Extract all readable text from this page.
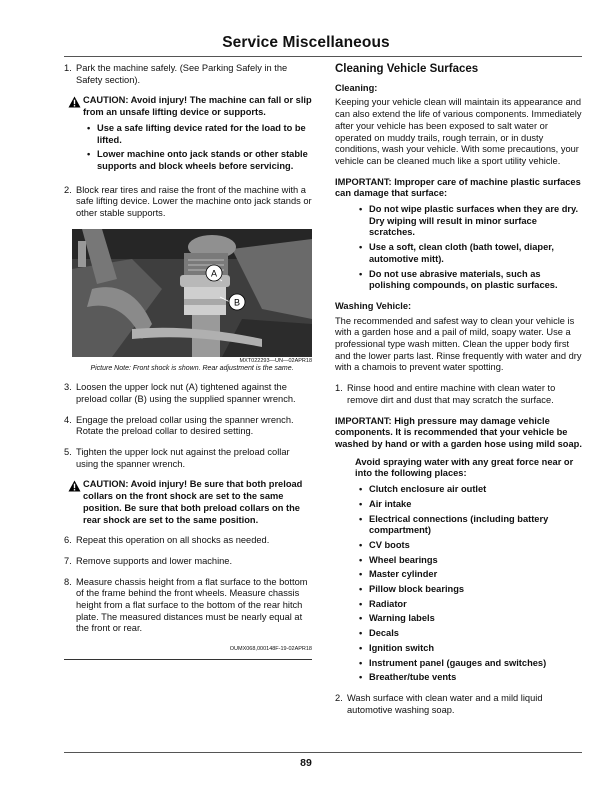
Service Miscellaneous
1. Park the machine safely. (See Parking Safely in the Safety section).
CAUTION: Avoid injury! The machine can fall or slip from an unsafe lifting device or supports.
• Use a safe lifting device rated for the load to be lifted.
• Lower machine onto jack stands or other stable supports and block wheels before servicing.
2. Block rear tires and raise the front of the machine with a safe lifting device. Lower the machine onto jack stands or other stable supports.
A
B
MXT022293—UN—02APR18
Picture Note: Front shock is shown. Rear adjustment is the same.
3. Loosen the upper lock nut (A) tightened against the preload collar (B) using the supplied spanner wrench.
4. Engage the preload collar using the spanner wrench. Rotate the preload collar to desired setting.
5. Tighten the upper lock nut against the preload collar using the spanner wrench.
CAUTION: Avoid injury! Be sure that both preload collars on the front shock are set to the same position. Be sure that both preload collars on the rear shock are set to the same position.
6. Repeat this operation on all shocks as needed.
7. Remove supports and lower machine.
8. Measure chassis height from a flat surface to the bottom of the frame behind the front wheels. Measure chassis height from a flat surface to the bottom of the rear hitch plate. The measured distances must be nearly equal at the front or rear.
OUMX068,000148F-19-02APR18
Cleaning Vehicle Surfaces
Cleaning:
Keeping your vehicle clean will maintain its appearance and can also extend the life of various components. Immediately after your vehicle has been exposed to salt water or operated on muddy trails, rough terrain, or in dusty conditions, wash your vehicle. With some precautions, your vehicle can be cleaned much like a sport utility vehicle.
IMPORTANT: Improper care of machine plastic surfaces can damage that surface:
• Do not wipe plastic surfaces when they are dry. Dry wiping will result in minor surface scratches.
• Use a soft, clean cloth (bath towel, diaper, automotive mitt).
• Do not use abrasive materials, such as polishing compounds, on plastic surfaces.
Washing Vehicle:
The recommended and safest way to clean your vehicle is with a garden hose and a pail of mild, soapy water. Use a professional type wash mitten. Clean the upper body first and the lower parts last. Rinse frequently with water and dry with a chamois to prevent water spotting.
1. Rinse hood and entire machine with clean water to remove dirt and dust that may scratch the surface.
IMPORTANT: High pressure may damage vehicle components. It is recommended that your vehicle be washed by hand or with a garden hose using mild soap.
Avoid spraying water with any great force near or into the following places:
• Clutch enclosure air outlet
• Air intake
• Electrical connections (including battery compartment)
• CV boots
• Wheel bearings
• Master cylinder
• Pillow block bearings
• Radiator
• Warning labels
• Decals
• Ignition switch
• Instrument panel (gauges and switches)
• Breather/tube vents
2. Wash surface with clean water and a mild liquid automotive washing soap.
89
